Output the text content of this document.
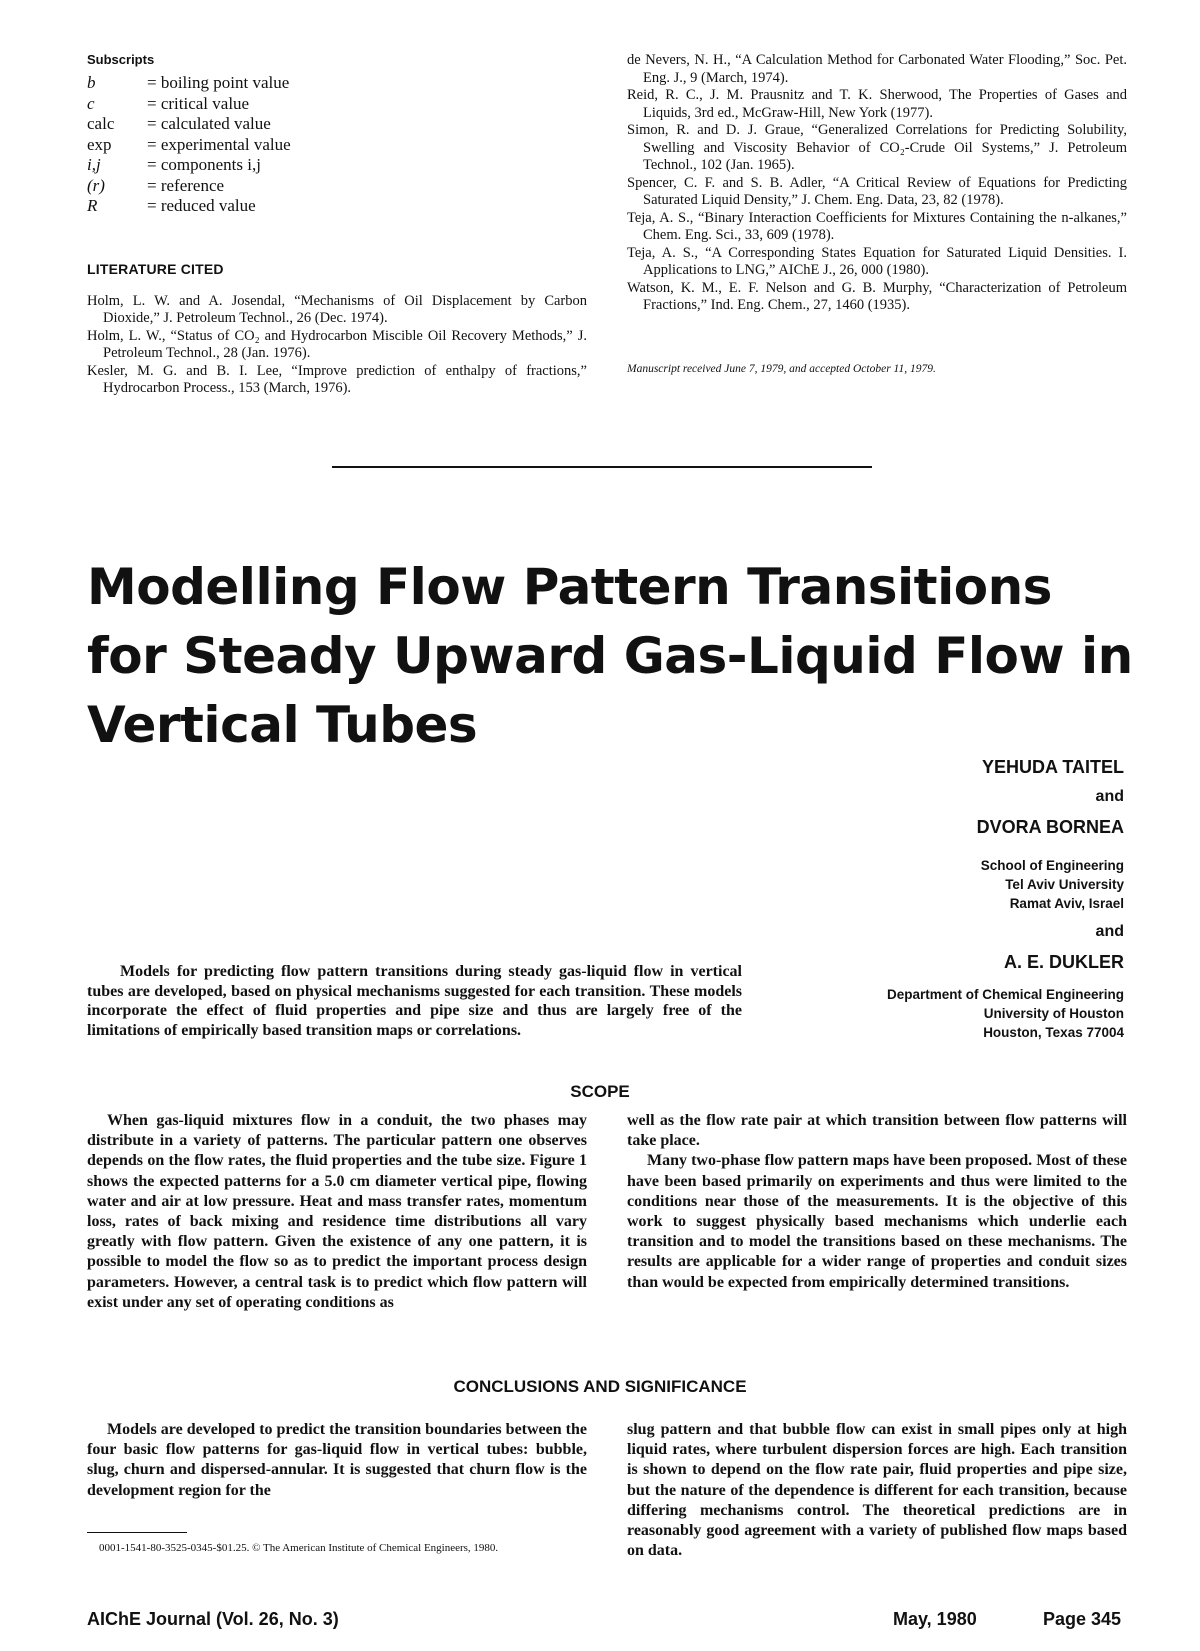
Subscripts
b	= boiling point value
c	= critical value
calc	= calculated value
exp	= experimental value
i,j	= components i,j
(r)	= reference
R	= reduced value
LITERATURE CITED

Holm, L. W. and A. Josendal, “Mechanisms of Oil Displacement by Carbon Dioxide,” J. Petroleum Technol., 26 (Dec. 1974).

Holm, L. W., “Status of CO₂ and Hydrocarbon Miscible Oil Recovery Methods,” J. Petroleum Technol., 28 (Jan. 1976).

Kesler, M. G. and B. I. Lee, “Improve prediction of enthalpy of fractions,” Hydrocarbon Process., 153 (March, 1976).

de Nevers, N. H., “A Calculation Method for Carbonated Water Flooding,” Soc. Pet. Eng. J., 9 (March, 1974).

Reid, R. C., J. M. Prausnitz and T. K. Sherwood, The Properties of Gases and Liquids, 3rd ed., McGraw-Hill, New York (1977).

Simon, R. and D. J. Graue, “Generalized Correlations for Predicting Solubility, Swelling and Viscosity Behavior of CO₂-Crude Oil Systems,” J. Petroleum Technol., 102 (Jan. 1965).

Spencer, C. F. and S. B. Adler, “A Critical Review of Equations for Predicting Saturated Liquid Density,” J. Chem. Eng. Data, 23, 82 (1978).

Teja, A. S., “Binary Interaction Coefficients for Mixtures Containing the n-alkanes,” Chem. Eng. Sci., 33, 609 (1978).

Teja, A. S., “A Corresponding States Equation for Saturated Liquid Densities. I. Applications to LNG,” AIChE J., 26, 000 (1980).

Watson, K. M., E. F. Nelson and G. B. Murphy, “Characterization of Petroleum Fractions,” Ind. Eng. Chem., 27, 1460 (1935).

Manuscript received June 7, 1979, and accepted October 11, 1979.
Modelling Flow Pattern Transitions for Steady Upward Gas-Liquid Flow in Vertical Tubes
YEHUDA TAITEL
and
DVORA BORNEA
School of Engineering
Tel Aviv University
Ramat Aviv, Israel
and
A. E. DUKLER
Department of Chemical Engineering
University of Houston
Houston, Texas 77004

Models for predicting flow pattern transitions during steady gas-liquid flow in vertical tubes are developed, based on physical mechanisms suggested for each transition. These models incorporate the effect of fluid properties and pipe size and thus are largely free of the limitations of empirically based transition maps or correlations.

SCOPE

When gas-liquid mixtures flow in a conduit, the two phases may distribute in a variety of patterns. The particular pattern one observes depends on the flow rates, the fluid properties and the tube size. Figure 1 shows the expected patterns for a 5.0 cm diameter vertical pipe, flowing water and air at low pressure. Heat and mass transfer rates, momentum loss, rates of back mixing and residence time distributions all vary greatly with flow pattern. Given the existence of any one pattern, it is possible to model the flow so as to predict the important process design parameters. However, a central task is to predict which flow pattern will exist under any set of operating conditions as

well as the flow rate pair at which transition between flow patterns will take place.

Many two-phase flow pattern maps have been proposed. Most of these have been based primarily on experiments and thus were limited to the conditions near those of the measurements. It is the objective of this work to suggest physically based mechanisms which underlie each transition and to model the transitions based on these mechanisms. The results are applicable for a wider range of properties and conduit sizes than would be expected from empirically determined transitions.

CONCLUSIONS AND SIGNIFICANCE

Models are developed to predict the transition boundaries between the four basic flow patterns for gas-liquid flow in vertical tubes: bubble, slug, churn and dispersed-annular. It is suggested that churn flow is the development region for the

slug pattern and that bubble flow can exist in small pipes only at high liquid rates, where turbulent dispersion forces are high. Each transition is shown to depend on the flow rate pair, fluid properties and pipe size, but the nature of the dependence is different for each transition, because differing mechanisms control. The theoretical predictions are in reasonably good agreement with a variety of published flow maps based on data.

0001-1541-80-3525-0345-$01.25. © The American Institute of Chemical Engineers, 1980.

AIChE Journal (Vol. 26, No. 3)	May, 1980	Page 345
